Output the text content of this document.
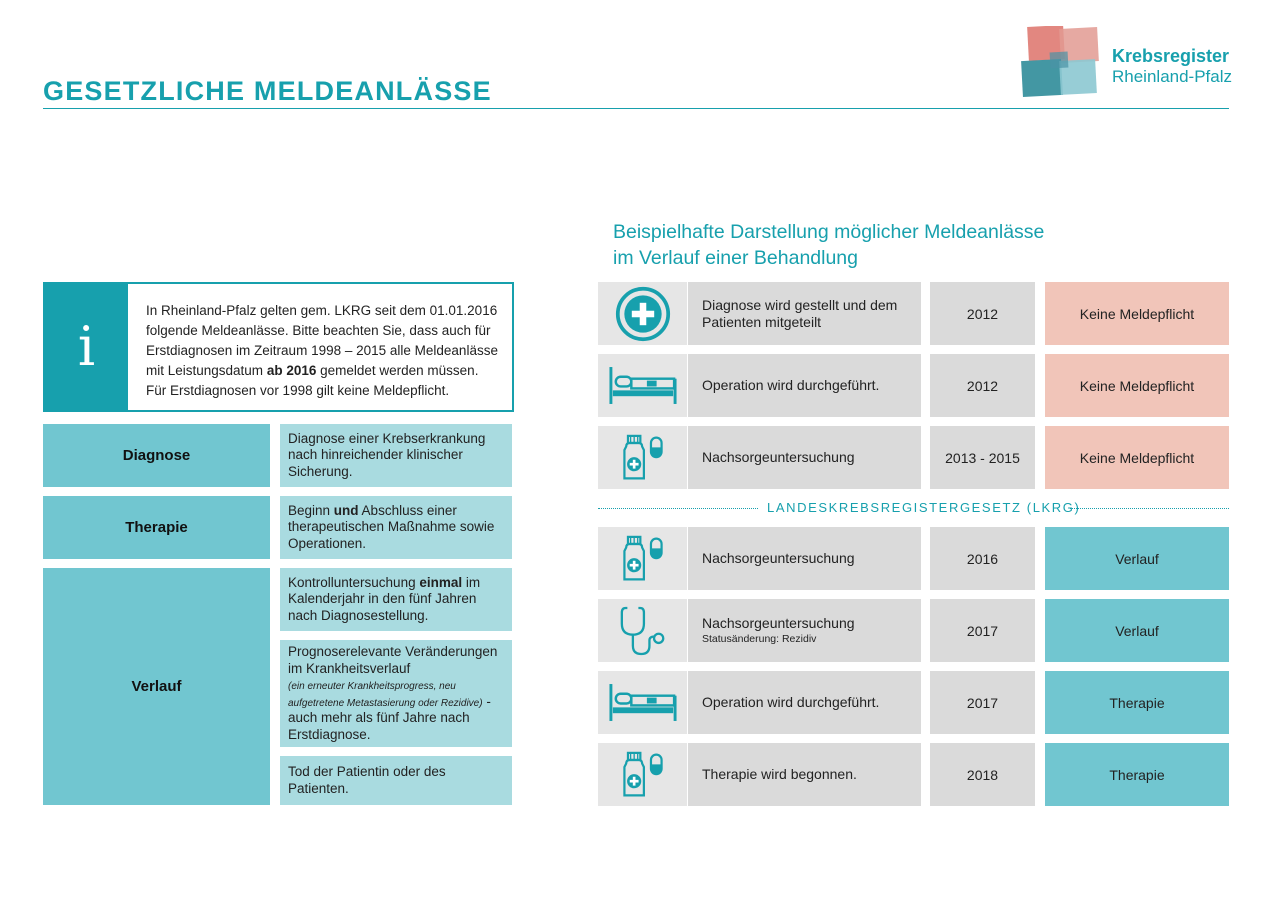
GESETZLICHE MELDEANLÄSSE
Krebsregister
Rheinland-Pfalz
i
In Rheinland-Pfalz gelten gem. LKRG seit dem 01.01.2016 folgende Meldeanlässe. Bitte beachten Sie, dass auch für Erstdiagnosen im Zeitraum 1998 – 2015 alle Meldeanlässe mit Leistungsdatum ab 2016 gemeldet werden müssen.
Für Erstdiagnosen vor 1998 gilt keine Meldepflicht.
Diagnose
Diagnose einer Krebserkrankung nach hinreichender klinischer Sicherung.
Therapie
Beginn und Abschluss einer therapeutischen Maßnahme sowie Operationen.
Verlauf
Kontrolluntersuchung einmal im Kalenderjahr in den fünf Jahren nach Diagnosestellung.
Prognoserelevante Veränderungen im Krankheitsverlauf
(ein erneuter Krankheitsprogress, neu aufgetretene Metastasierung oder Rezidive) -
auch mehr als fünf Jahre nach Erstdiagnose.
Tod der Patientin oder des Patienten.
Beispielhafte Darstellung möglicher Meldeanlässe
im Verlauf einer Behandlung
LANDESKREBSREGISTERGESETZ (LKRG)
Diagnose wird gestellt und dem Patienten mitgeteilt	2012	Keine Meldepflicht
Operation wird durchgeführt.	2012	Keine Meldepflicht
Nachsorgeuntersuchung	2013 - 2015	Keine Meldepflicht
Nachsorgeuntersuchung	2016	Verlauf
Nachsorgeuntersuchung
Statusänderung: Rezidiv
2017	Verlauf
Operation wird durchgeführt.	2017	Therapie
Therapie wird begonnen.	2018	Therapie
